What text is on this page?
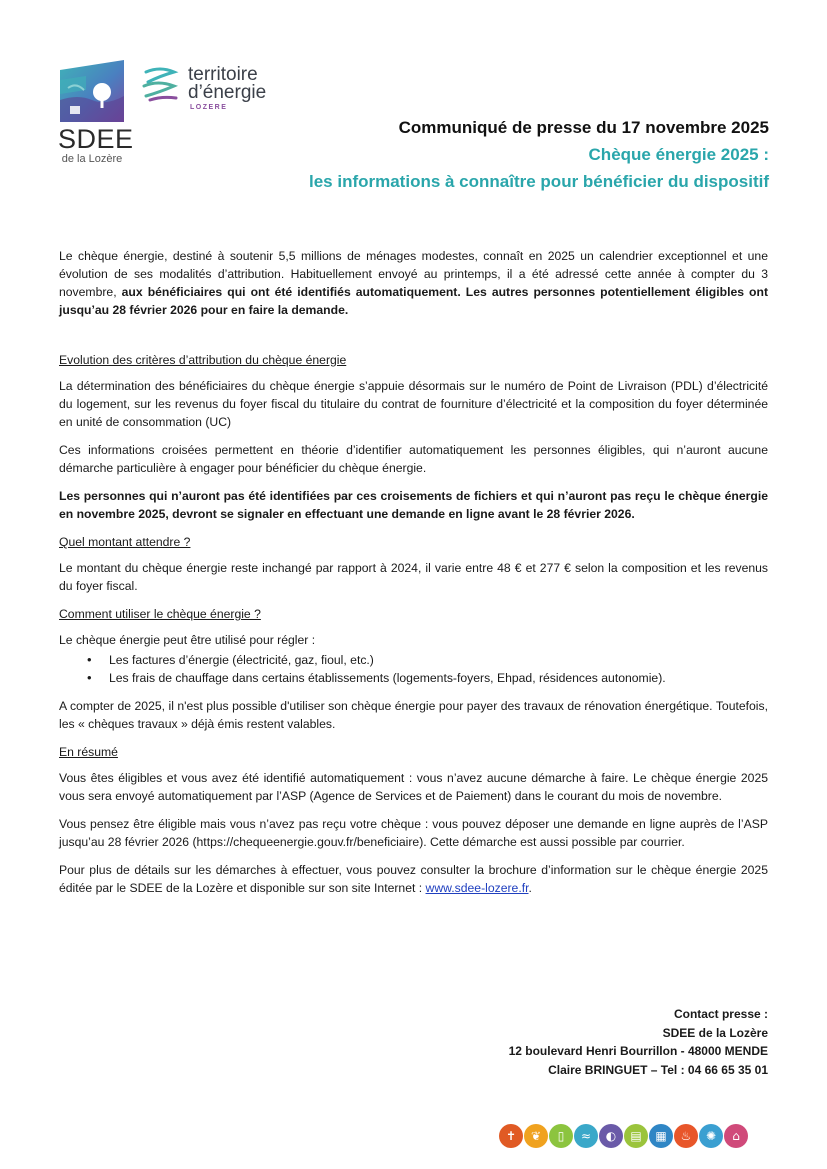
SDEE
de la Lozère
territoire
d’énergie
LOZERE
Communiqué de presse du 17 novembre 2025
Chèque énergie 2025 :
les informations à connaître pour bénéficier du dispositif

Le chèque énergie, destiné à soutenir 5,5 millions de ménages modestes, connaît en 2025 un calendrier exceptionnel et une évolution de ses modalités d’attribution. Habituellement envoyé au printemps, il a été adressé cette année à compter du 3 novembre, aux bénéficiaires qui ont été identifiés automatiquement. Les autres personnes potentiellement éligibles ont jusqu’au 28 février 2026 pour en faire la demande.

Evolution des critères d’attribution du chèque énergie

La détermination des bénéficiaires du chèque énergie s’appuie désormais sur le numéro de Point de Livraison (PDL) d’électricité du logement, sur les revenus du foyer fiscal du titulaire du contrat de fourniture d’électricité et la composition du foyer déterminée en unité de consommation (UC)

Ces informations croisées permettent en théorie d’identifier automatiquement les personnes éligibles, qui n’auront aucune démarche particulière à engager pour bénéficier du chèque énergie.

Les personnes qui n’auront pas été identifiées par ces croisements de fichiers et qui n’auront pas reçu le chèque énergie en novembre 2025, devront se signaler en effectuant une demande en ligne avant le 28 février 2026.

Quel montant attendre ?

Le montant du chèque énergie reste inchangé par rapport à 2024, il varie entre 48 € et 277 € selon la composition et les revenus du foyer fiscal.

Comment utiliser le chèque énergie ?

Le chèque énergie peut être utilisé pour régler :

• Les factures d’énergie (électricité, gaz, fioul, etc.)
• Les frais de chauffage dans certains établissements (logements-foyers, Ehpad, résidences autonomie).

A compter de 2025, il n'est plus possible d'utiliser son chèque énergie pour payer des travaux de rénovation énergétique. Toutefois, les « chèques travaux » déjà émis restent valables.

En résumé

Vous êtes éligibles et vous avez été identifié automatiquement : vous n’avez aucune démarche à faire. Le chèque énergie 2025 vous sera envoyé automatiquement par l’ASP (Agence de Services et de Paiement) dans le courant du mois de novembre.

Vous pensez être éligible mais vous n’avez pas reçu votre chèque : vous pouvez déposer une demande en ligne auprès de l’ASP jusqu’au 28 février 2026 (https://chequeenergie.gouv.fr/beneficiaire). Cette démarche est aussi possible par courrier.

Pour plus de détails sur les démarches à effectuer, vous pouvez consulter la brochure d’information sur le chèque énergie 2025 éditée par le SDEE de la Lozère et disponible sur son site Internet : www.sdee-lozere.fr.

Contact presse :
SDEE de la Lozère
12 boulevard Henri Bourrillon - 48000 MENDE
Claire BRINGUET – Tel : 04 66 65 35 01
✝	❦	▯	≈	◐	▤	▦	♨	✺	⌂
